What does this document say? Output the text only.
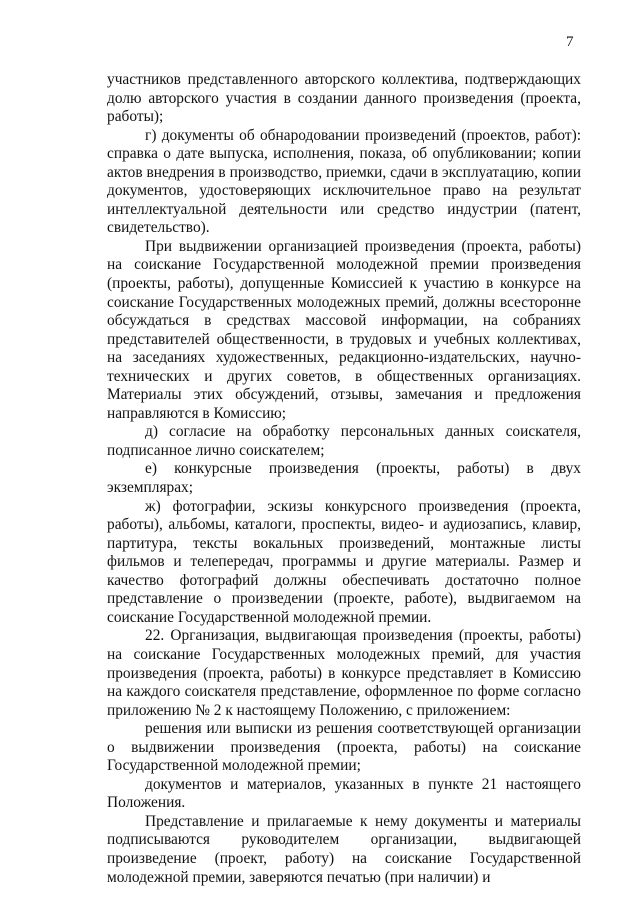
7

участников представленного авторского коллектива, подтверждающих долю авторского участия в создании данного произведения (проекта, работы);

г) документы об обнародовании произведений (проектов, работ): справка о дате выпуска, исполнения, показа, об опубликовании; копии актов внедрения в производство, приемки, сдачи в эксплуатацию, копии документов, удостоверяющих исключительное право на результат интеллектуальной деятельности или средство индустрии (патент, свидетельство).

При выдвижении организацией произведения (проекта, работы) на соискание Государственной молодежной премии произведения (проекты, работы), допущенные Комиссией к участию в конкурсе на соискание Государственных молодежных премий, должны всесторонне обсуждаться в средствах массовой информации, на собраниях представителей общественности, в трудовых и учебных коллективах, на заседаниях художественных, редакционно-издательских, научно-технических и других советов, в общественных организациях. Материалы этих обсуждений, отзывы, замечания и предложения направляются в Комиссию;

д) согласие на обработку персональных данных соискателя, подписанное лично соискателем;

е) конкурсные произведения (проекты, работы) в двух экземплярах;

ж) фотографии, эскизы конкурсного произведения (проекта, работы), альбомы, каталоги, проспекты, видео- и аудиозапись, клавир, партитура, тексты вокальных произведений, монтажные листы фильмов и телепередач, программы и другие материалы. Размер и качество фотографий должны обеспечивать достаточно полное представление о произведении (проекте, работе), выдвигаемом на соискание Государственной молодежной премии.

22. Организация, выдвигающая произведения (проекты, работы) на соискание Государственных молодежных премий, для участия произведения (проекта, работы) в конкурсе представляет в Комиссию на каждого соискателя представление, оформленное по форме согласно приложению № 2 к настоящему Положению, с приложением:

решения или выписки из решения соответствующей организации о выдвижении произведения (проекта, работы) на соискание Государственной молодежной премии;

документов и материалов, указанных в пункте 21 настоящего Положения.

Представление и прилагаемые к нему документы и материалы подписываются руководителем организации, выдвигающей произведение (проект, работу) на соискание Государственной молодежной премии, заверяются печатью (при наличии) и
